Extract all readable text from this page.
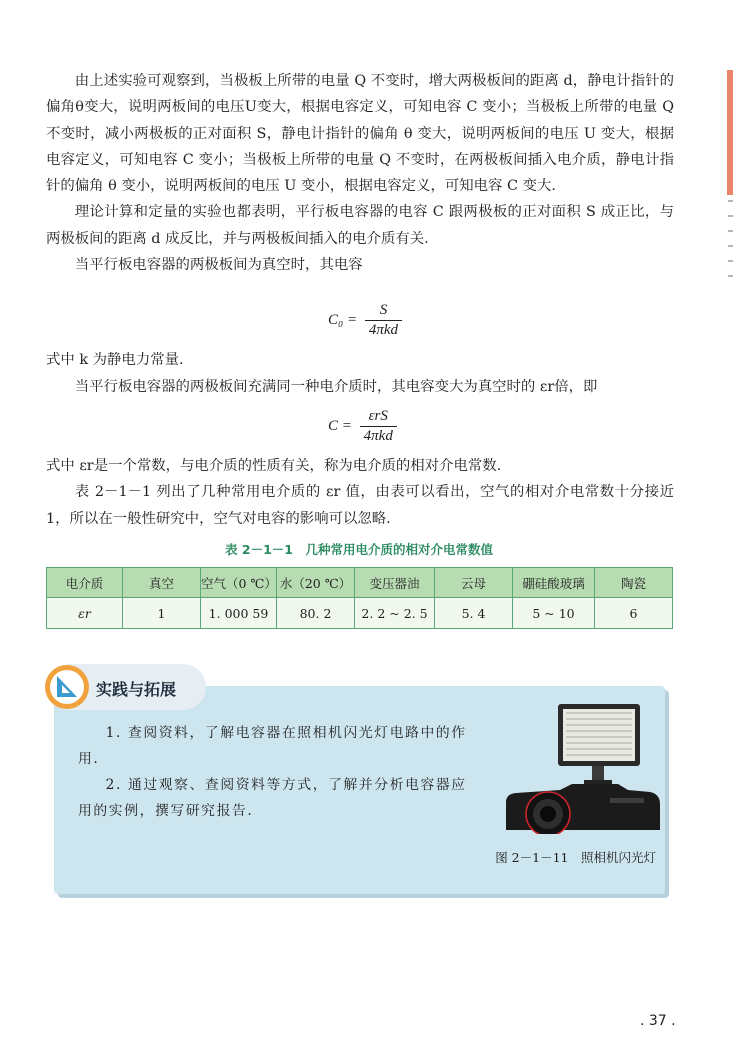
由上述实验可观察到，当极板上所带的电量 Q 不变时，增大两极板间的距离 d，静电计指针的偏角θ变大，说明两板间的电压U变大，根据电容定义，可知电容 C 变小；当极板上所带的电量 Q 不变时，减小两极板的正对面积 S，静电计指针的偏角 θ 变大，说明两板间的电压 U 变大，根据电容定义，可知电容 C 变小；当极板上所带的电量 Q 不变时，在两极板间插入电介质，静电计指针的偏角 θ 变小，说明两板间的电压 U 变小，根据电容定义，可知电容 C 变大.

理论计算和定量的实验也都表明，平行板电容器的电容 C 跟两极板的正对面积 S 成正比，与两极板间的距离 d 成反比，并与两极板间插入的电介质有关.

当平行板电容器的两极板间为真空时，其电容

$C_0 = \frac{S}{\text{4πkd}}$
式中 k 为静电力常量.
当平行板电容器的两极板间充满同一种电介质时，其电容变大为真空时的 εr倍，即
$C = \frac{\text{εrS}}{\text{4πkd}}$

式中 εr是一个常数，与电介质的性质有关，称为电介质的相对介电常数.

表 2－1－1 列出了几种常用电介质的 εr 值，由表可以看出，空气的相对介电常数十分接近 1，所以在一般性研究中，空气对电容的影响可以忽略.

表 2－1－1　几种常用电介质的相对介电常数值
电介质	真空	空气（0 ℃）	水（20 ℃）	变压器油	云母	硼硅酸玻璃	陶瓷
εr	1	1. 000 59	80. 2	2. 2 ~ 2. 5	5. 4	5 ~ 10	6
实践与拓展

1. 查阅资料，了解电容器在照相机闪光灯电路中的作用.

2. 通过观察、查阅资料等方式，了解并分析电容器应用的实例，撰写研究报告.

图 2－1－11　照相机闪光灯
. 37 .
